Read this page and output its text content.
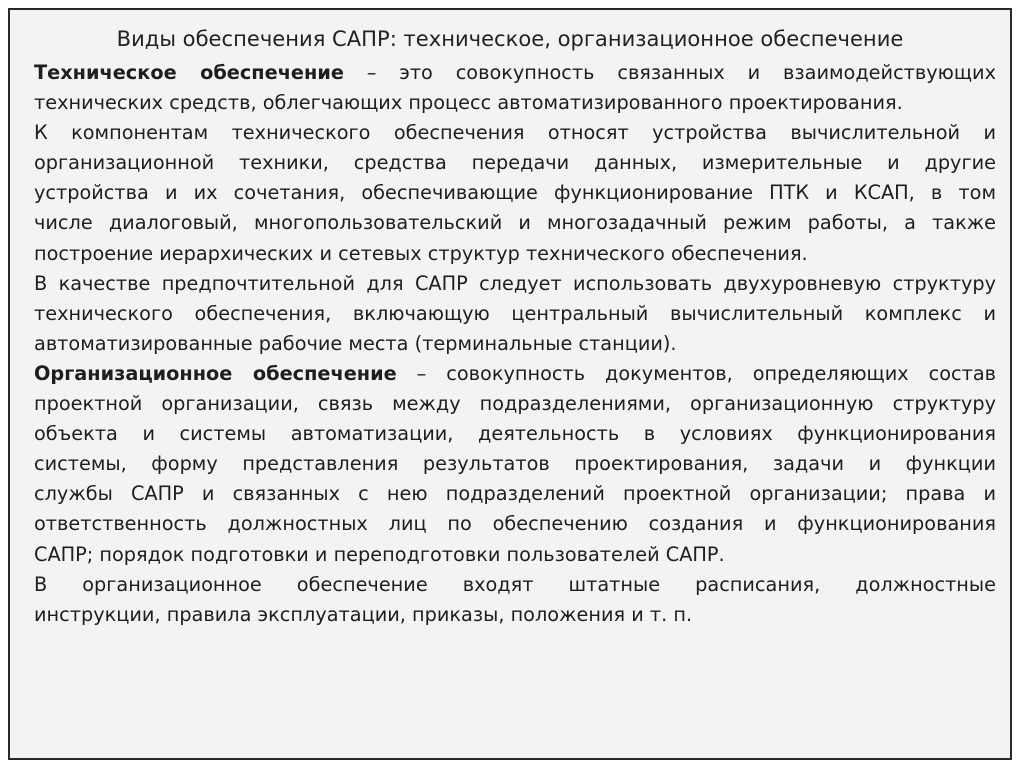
Виды обеспечения САПР: техническое, организационное обеспечение
Техническое обеспечение – это совокупность связанных и взаимодействующих
технических средств, облегчающих процесс автоматизированного проектирования.
К компонентам технического обеспечения относят устройства вычислительной и
организационной техники, средства передачи данных, измерительные и другие
устройства и их сочетания, обеспечивающие функционирование ПТК и КСАП, в том
числе диалоговый, многопользовательский и многозадачный режим работы, а также
построение иерархических и сетевых структур технического обеспечения.
В качестве предпочтительной для САПР следует использовать двухуровневую структуру
технического обеспечения, включающую центральный вычислительный комплекс и
автоматизированные рабочие места (терминальные станции).
Организационное обеспечение – совокупность документов, определяющих состав
проектной организации, связь между подразделениями, организационную структуру
объекта и системы автоматизации, деятельность в условиях функционирования
системы, форму представления результатов проектирования, задачи и функции
службы САПР и связанных с нею подразделений проектной организации; права и
ответственность должностных лиц по обеспечению создания и функционирования
САПР; порядок подготовки и переподготовки пользователей САПР.
В организационное обеспечение входят штатные расписания, должностные
инструкции, правила эксплуатации, приказы, положения и т. п.
